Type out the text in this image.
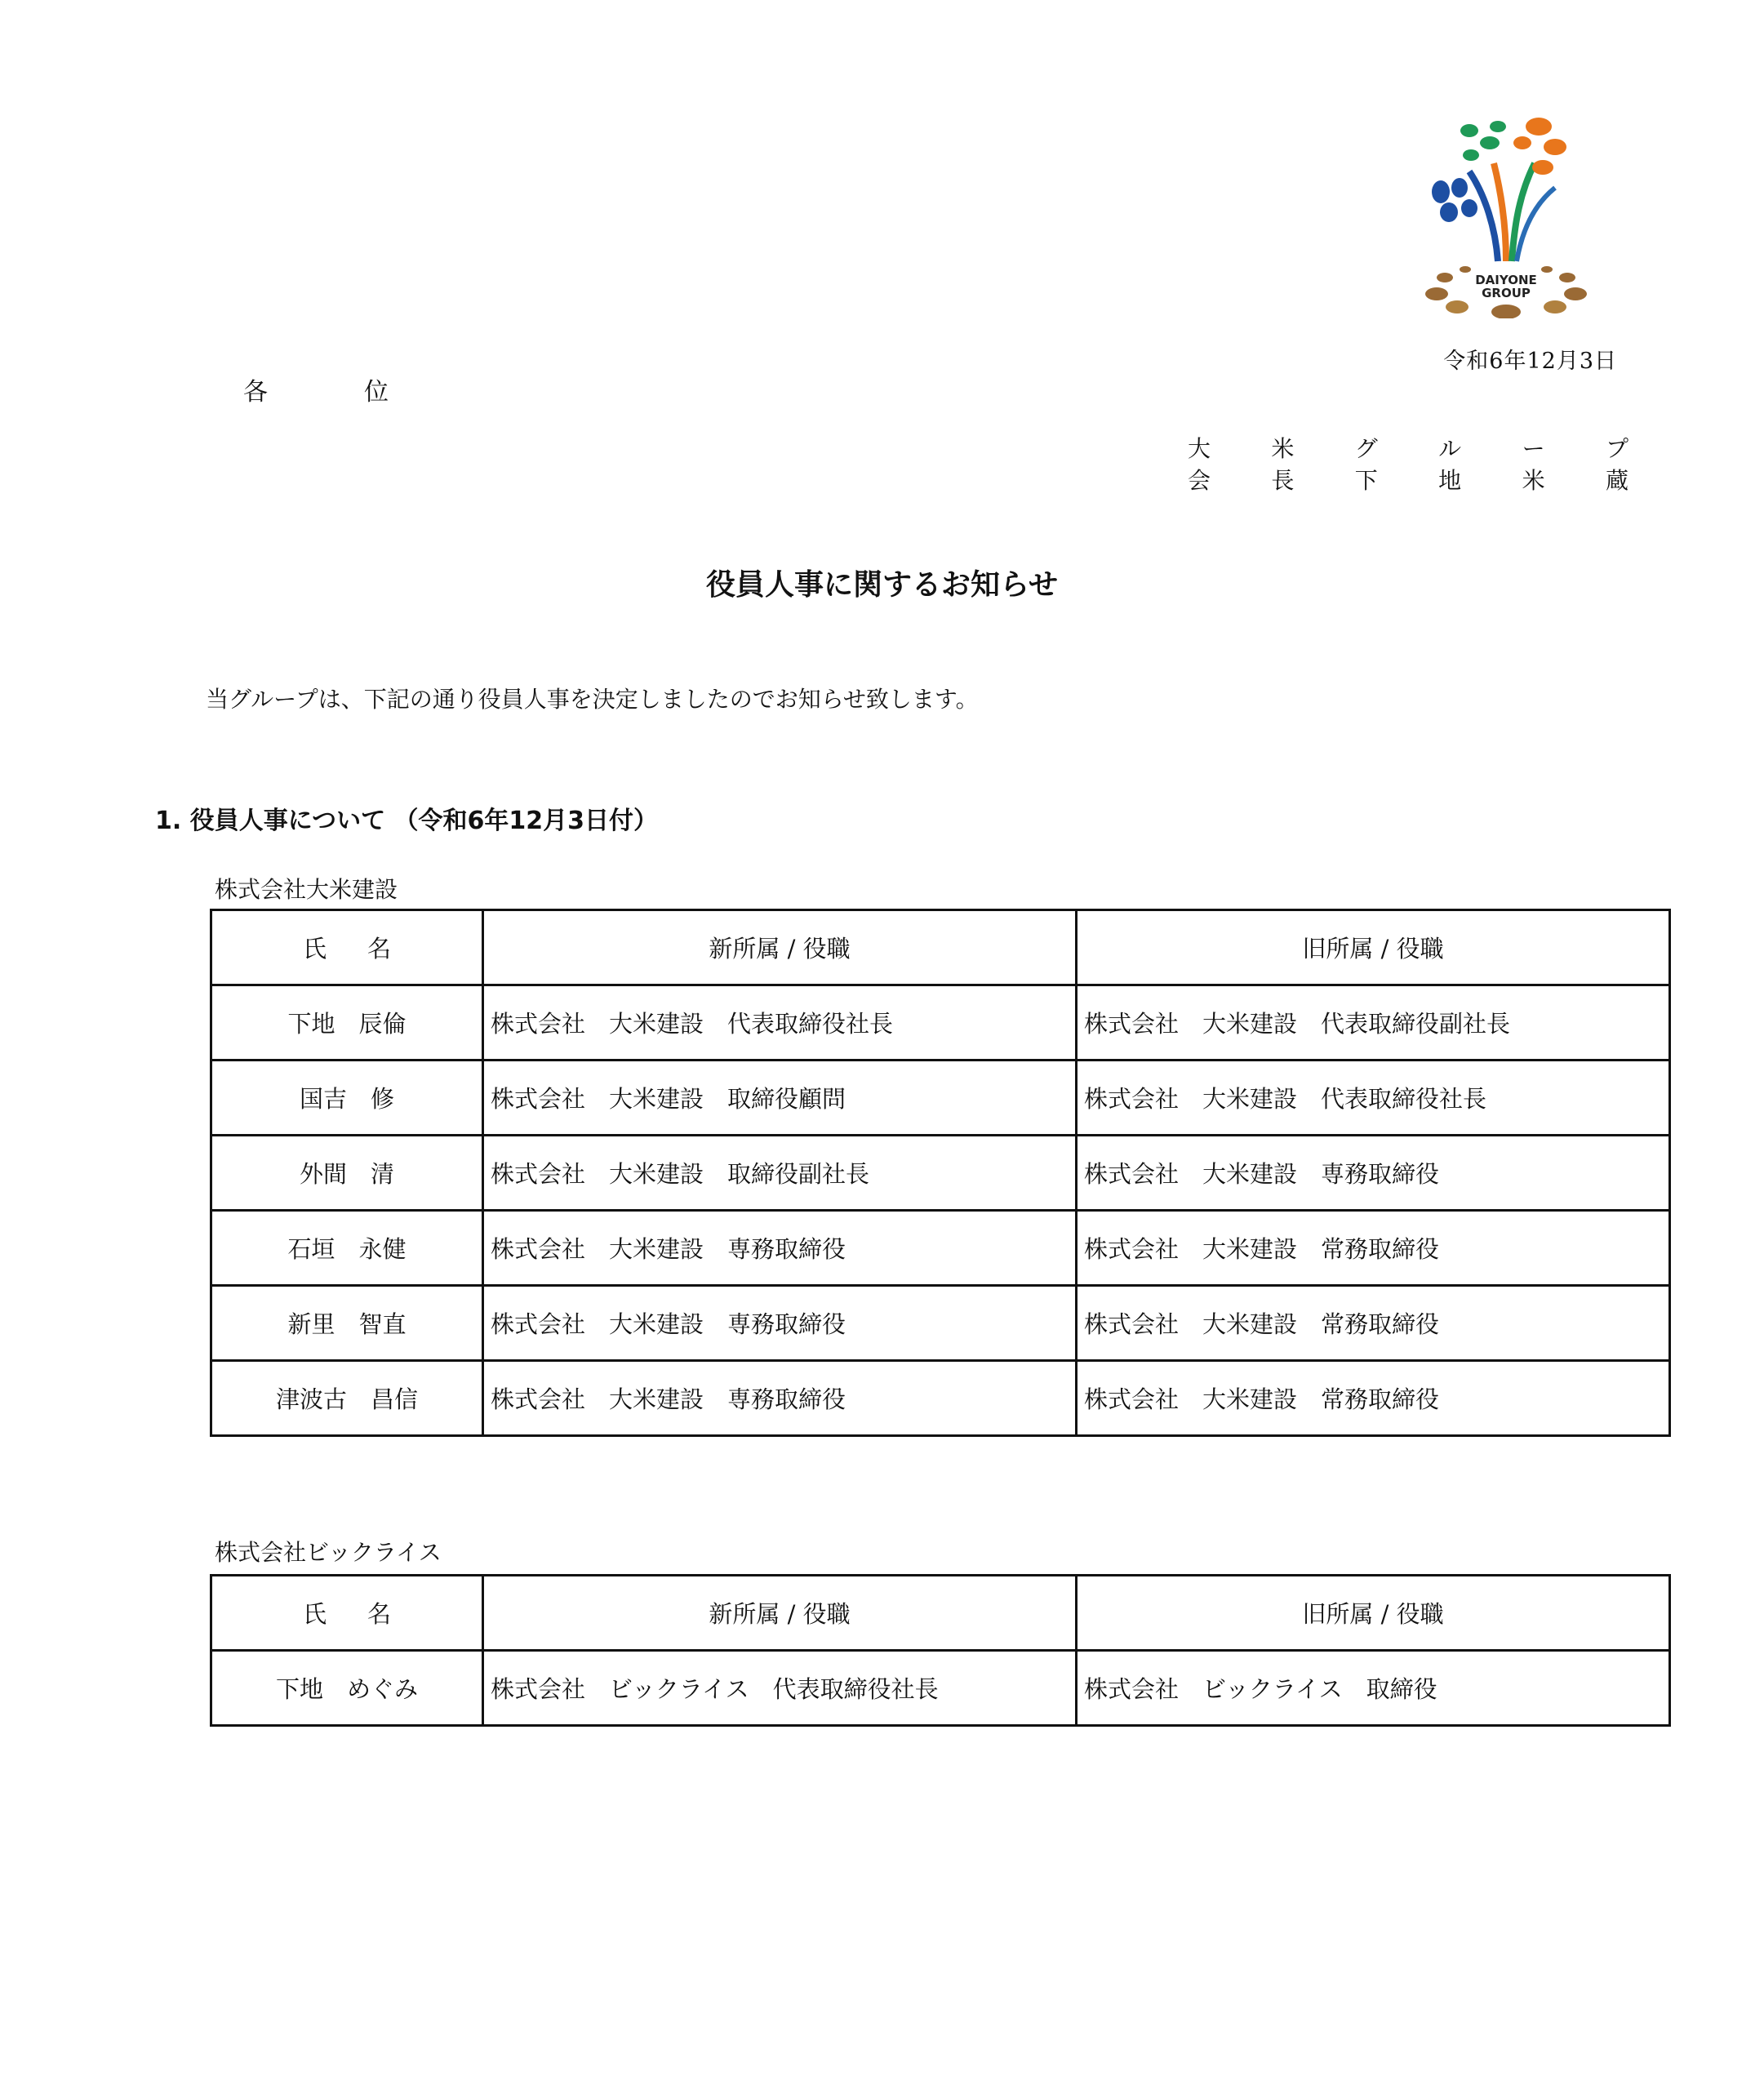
DAIYONE
GROUP
令和6年12月3日
各	位
大	米	グ	ル	ー	プ
会	長	下	地	米	蔵
役員人事に関するお知らせ
当グループは、下記の通り役員人事を決定しましたのでお知らせ致します。
1. 役員人事について （令和6年12月3日付）
株式会社大米建設
氏 名	新所属 / 役職	旧所属 / 役職
下地　辰倫	株式会社　大米建設　代表取締役社長	株式会社　大米建設　代表取締役副社長
国吉　修	株式会社　大米建設　取締役顧問	株式会社　大米建設　代表取締役社長
外間　清	株式会社　大米建設　取締役副社長	株式会社　大米建設　専務取締役
石垣　永健	株式会社　大米建設　専務取締役	株式会社　大米建設　常務取締役
新里　智直	株式会社　大米建設　専務取締役	株式会社　大米建設　常務取締役
津波古　昌信	株式会社　大米建設　専務取締役	株式会社　大米建設　常務取締役
株式会社ビックライス
氏 名	新所属 / 役職	旧所属 / 役職
下地　めぐみ	株式会社　ビックライス　代表取締役社長	株式会社　ビックライス　取締役
